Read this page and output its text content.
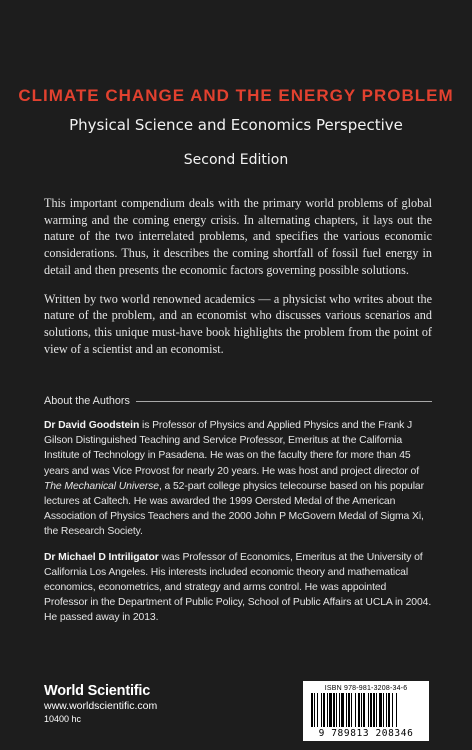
CLIMATE CHANGE AND THE ENERGY PROBLEM
Physical Science and Economics Perspective
Second Edition

This important compendium deals with the primary world problems of global warming and the coming energy crisis. In alternating chapters, it lays out the nature of the two interrelated problems, and specifies the various economic considerations. Thus, it describes the coming shortfall of fossil fuel energy in detail and then presents the economic factors governing possible solutions.

Written by two world renowned academics — a physicist who writes about the nature of the problem, and an economist who discusses various scenarios and solutions, this unique must-have book highlights the problem from the point of view of a scientist and an economist.

About the Authors

Dr David Goodstein is Professor of Physics and Applied Physics and the Frank J Gilson Distinguished Teaching and Service Professor, Emeritus at the California Institute of Technology in Pasadena. He was on the faculty there for more than 45 years and was Vice Provost for nearly 20 years. He was host and project director of The Mechanical Universe, a 52-part college physics telecourse based on his popular lectures at Caltech. He was awarded the 1999 Oersted Medal of the American Association of Physics Teachers and the 2000 John P McGovern Medal of Sigma Xi, the Research Society.

Dr Michael D Intriligator was Professor of Economics, Emeritus at the University of California Los Angeles. His interests included economic theory and mathematical economics, econometrics, and strategy and arms control. He was appointed Professor in the Department of Public Policy, School of Public Affairs at UCLA in 2004. He passed away in 2013.

World Scientific
www.worldscientific.com
10400 hc
ISBN 978-981-3208-34-6
9 789813 208346
